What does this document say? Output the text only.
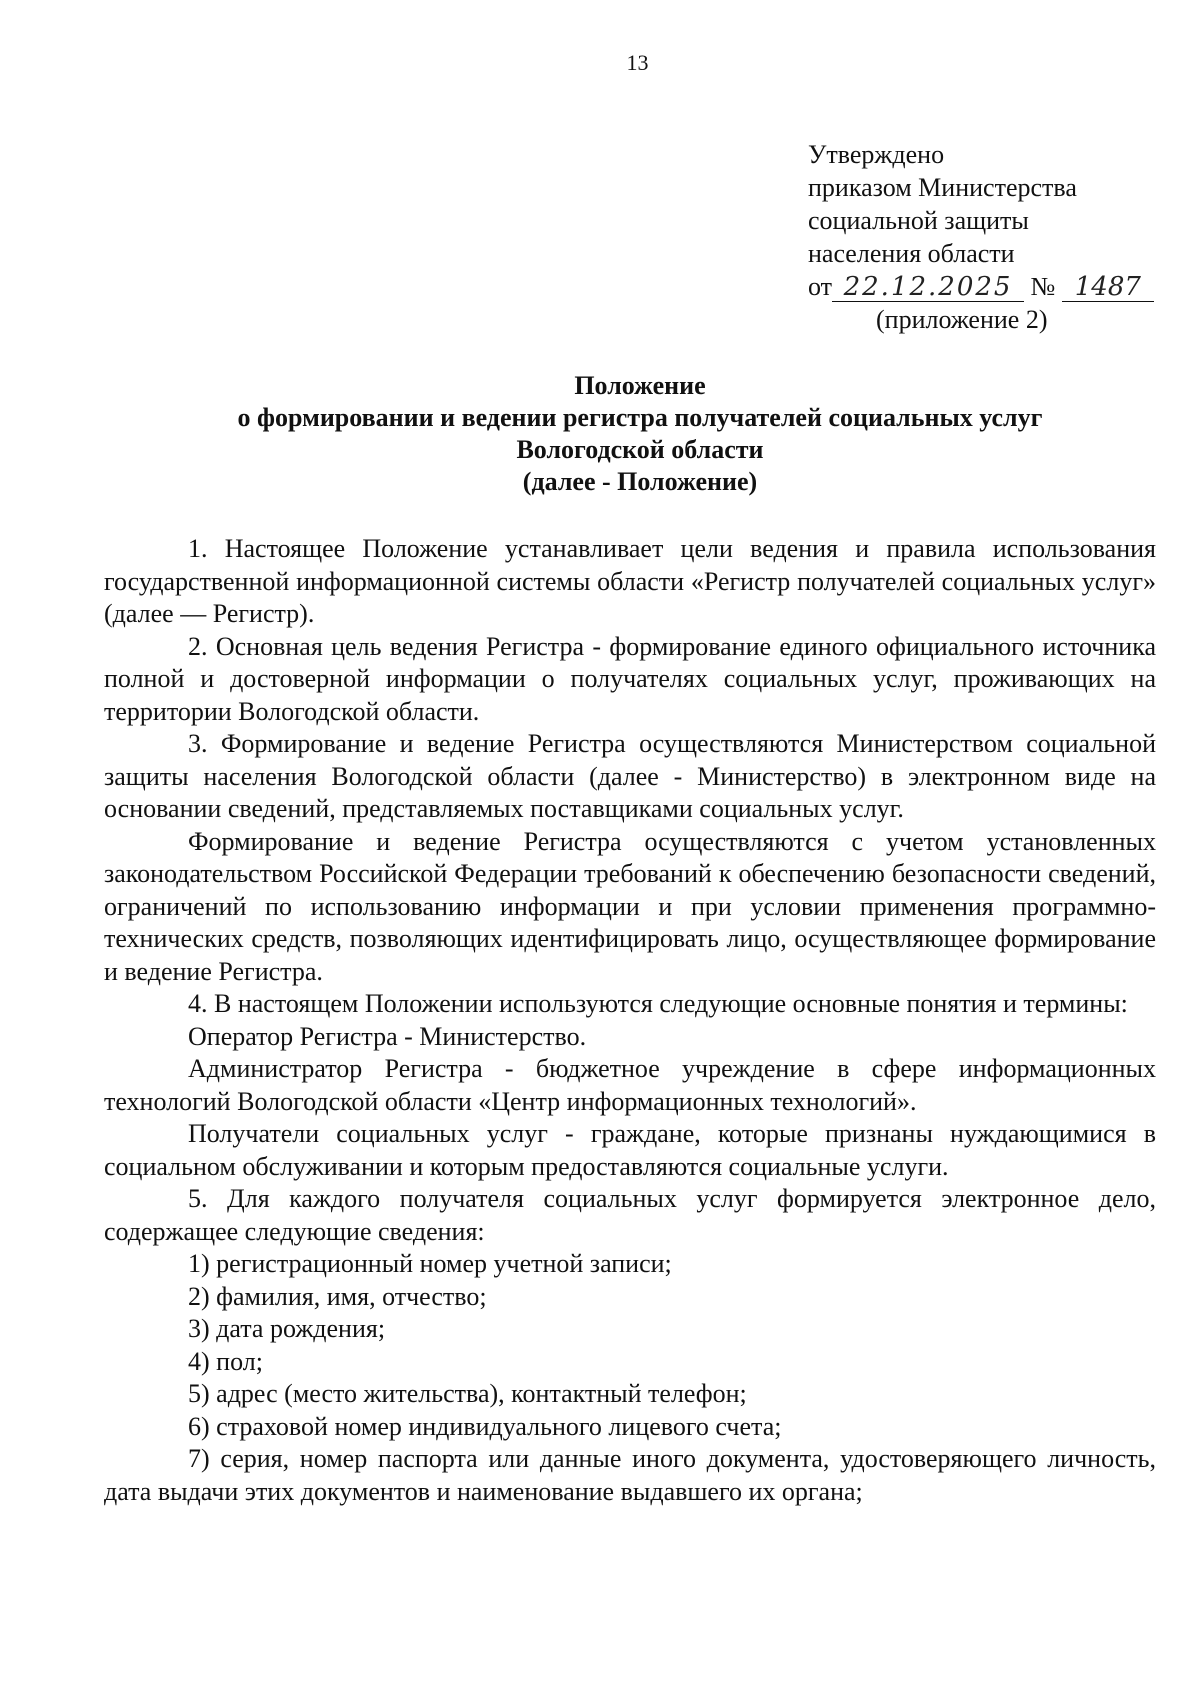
13
Утверждено
приказом Министерства
социальной защиты
населения области
от 22.12.2025 № 1487
(приложение 2)
Положение
о формировании и ведении регистра получателей социальных услуг
Вологодской области
(далее - Положение)

1. Настоящее Положение устанавливает цели ведения и правила использования государственной информационной системы области «Регистр получателей социальных услуг» (далее — Регистр).

2. Основная цель ведения Регистра - формирование единого официального источника полной и достоверной информации о получателях социальных услуг, проживающих на территории Вологодской области.

3. Формирование и ведение Регистра осуществляются Министерством социальной защиты населения Вологодской области (далее - Министерство) в электронном виде на основании сведений, представляемых поставщиками социальных услуг.

Формирование и ведение Регистра осуществляются с учетом установленных законодательством Российской Федерации требований к обеспечению безопасности сведений, ограничений по использованию информации и при условии применения программно-технических средств, позволяющих идентифицировать лицо, осуществляющее формирование и ведение Регистра.

4. В настоящем Положении используются следующие основные понятия и термины:

Оператор Регистра - Министерство.

Администратор Регистра - бюджетное учреждение в сфере информационных технологий Вологодской области «Центр информационных технологий».

Получатели социальных услуг - граждане, которые признаны нуждающимися в социальном обслуживании и которым предоставляются социальные услуги.

5. Для каждого получателя социальных услуг формируется электронное дело, содержащее следующие сведения:

1) регистрационный номер учетной записи;

2) фамилия, имя, отчество;

3) дата рождения;

4) пол;

5) адрес (место жительства), контактный телефон;

6) страховой номер индивидуального лицевого счета;

7) серия, номер паспорта или данные иного документа, удостоверяющего личность, дата выдачи этих документов и наименование выдавшего их органа;
